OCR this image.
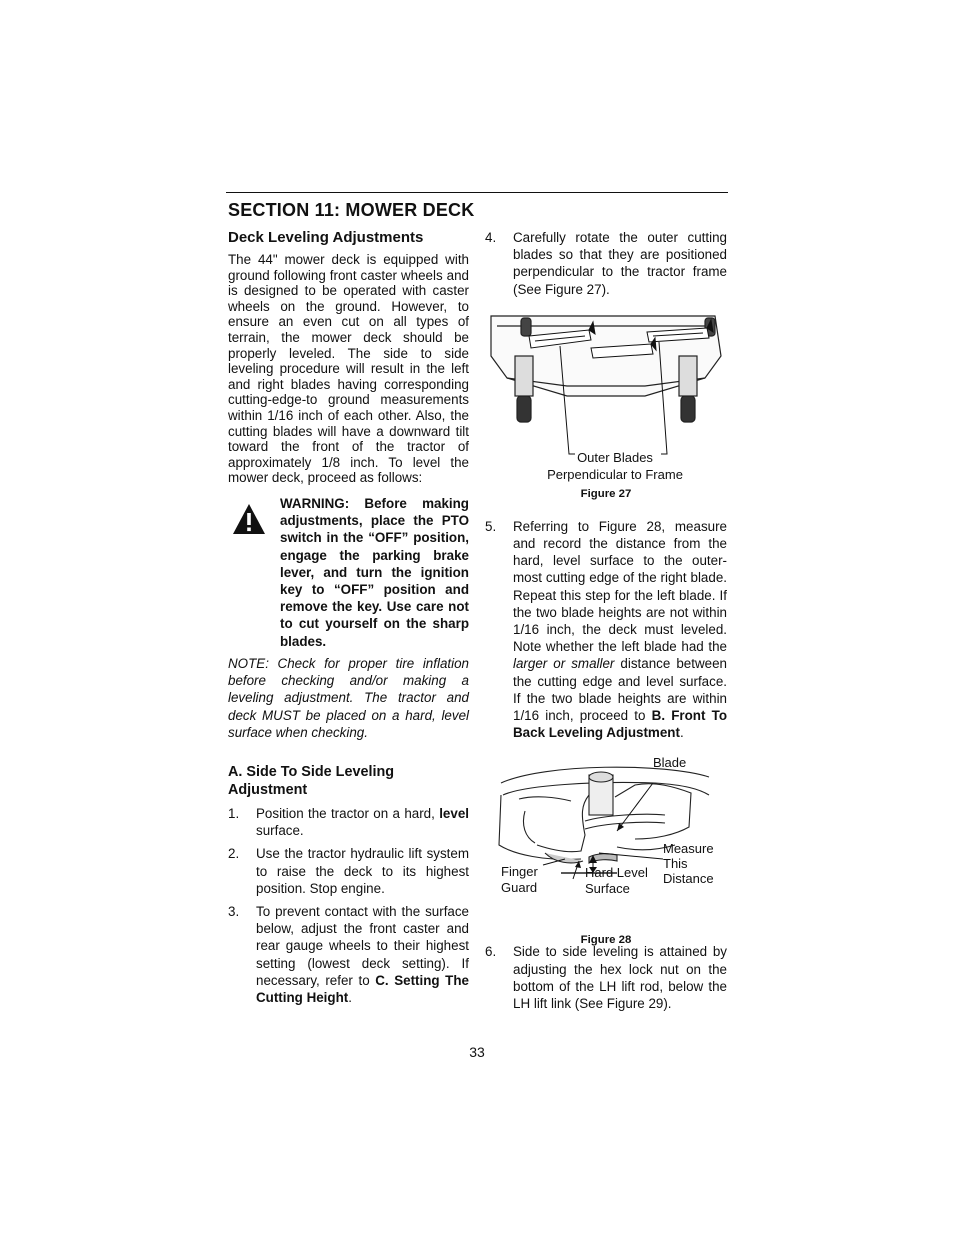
SECTION 11: MOWER DECK
Deck Leveling Adjustments

The 44" mower deck is equipped with ground following front caster wheels and is designed to be operated with caster wheels on the ground. However, to ensure an even cut on all types of terrain, the mower deck should be properly leveled. The side to side leveling procedure will result in the left and right blades having corresponding cutting-edge-to ground measurements within 1/16 inch of each other. Also, the cutting blades will have a downward tilt toward the front of the tractor of approximately 1/8 inch. To level the mower deck, proceed as follows:

WARNING: Before making adjustments, place the PTO switch in the “OFF” position, engage the parking brake lever, and turn the ignition key to “OFF” position and remove the key. Use care not to cut yourself on the sharp blades.
NOTE: Check for proper tire inflation before checking and/or making a leveling adjustment. The tractor and deck MUST be placed on a hard, level surface when checking.
A. Side To Side Leveling Adjustment
1. Position the tractor on a hard, level surface.
2. Use the tractor hydraulic lift system to raise the deck to its highest position. Stop engine.
3. To prevent contact with the surface below, adjust the front caster and rear gauge wheels to their highest setting (lowest deck setting). If necessary, refer to C. Setting The Cutting Height.
4. Carefully rotate the outer cutting blades so that they are positioned perpendicular to the tractor frame (See Figure 27).
Outer Blades
Perpendicular to Frame
Figure 27
5. Referring to Figure 28, measure and record the distance from the hard, level surface to the outer-most cutting edge of the right blade. Repeat this step for the left blade. If the two blade heights are not within 1/16 inch, the deck must leveled. Note whether the left blade had the larger or smaller distance between the cutting edge and level surface. If the two blade heights are within 1/16 inch, proceed to B. Front To Back Leveling Adjustment.
Blade
Measure
This
Distance
Finger
Guard
Hard Level
Surface
Figure 28
6. Side to side leveling is attained by adjusting the hex lock nut on the bottom of the LH lift rod, below the LH lift link (See Figure 29).
33
